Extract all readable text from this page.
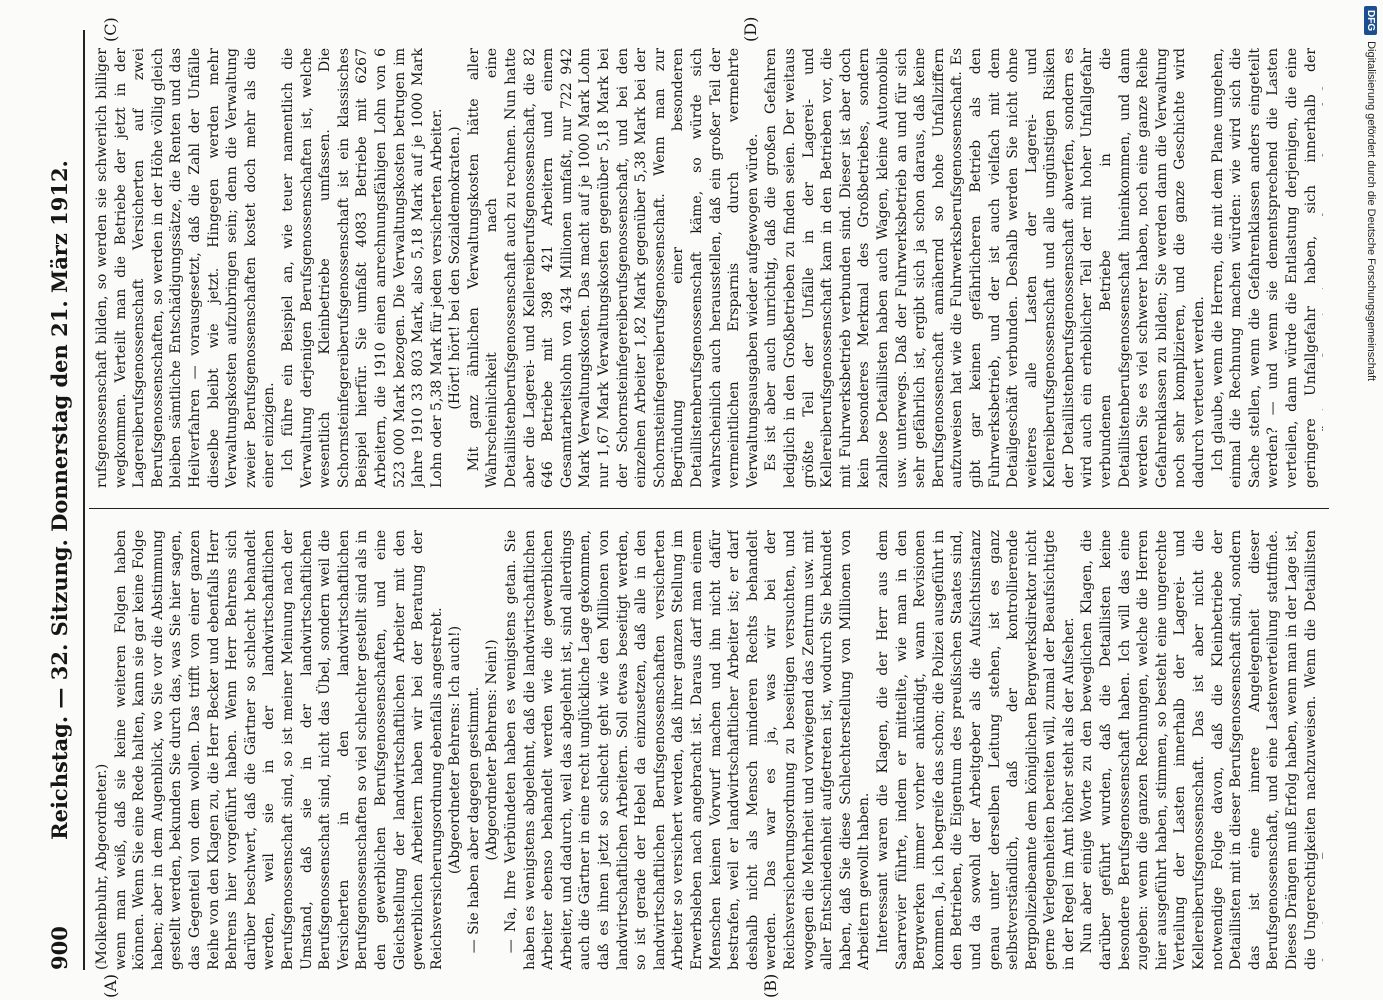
900
Reichstag. — 32. Sitzung. Donnerstag den 21. März 1912.
(A)	(B)
(C)	(D)

(Molkenbuhr, Abgeordneter.) wenn man weiß, daß sie keine weiteren Folgen haben können. Wenn Sie eine Rede halten, kann sie gar keine Folge haben; aber in dem Augenblick, wo Sie vor die Abstimmung gestellt werden, bekunden Sie durch das, was Sie hier sagen, das Gegenteil von dem wollen. Das trifft von einer ganzen Reihe von den Klagen zu, die Herr Becker und ebenfalls Herr Behrens hier vorgeführt haben. Wenn Herr Behrens sich darüber beschwert, daß die Gärtner so schlecht behandelt werden, weil sie in der landwirtschaftlichen Berufsgenossenschaft sind, so ist meiner Meinung nach der Umstand, daß sie in der landwirtschaftlichen Berufsgenossenschaft sind, nicht das Übel, sondern weil die Versicherten in den landwirtschaftlichen Berufsgenossenschaften so viel schlechter gestellt sind als in den gewerblichen Berufsgenossenschaften, und eine Gleichstellung der landwirtschaftlichen Arbeiter mit den gewerblichen Arbeitern haben wir bei der Beratung der Reichsversicherungsordnung ebenfalls angestrebt. (Abgeordneter Behrens: Ich auch!) — Sie haben aber dagegen gestimmt. (Abgeordneter Behrens: Nein!) — Na, Ihre Verbündeten haben es wenigstens getan. Sie haben es wenigstens abgelehnt, daß die landwirtschaftlichen Arbeiter ebenso behandelt werden wie die gewerblichen Arbeiter, und dadurch, weil das abgelehnt ist, sind allerdings auch die Gärtner in eine recht unglückliche Lage gekommen, daß es ihnen jetzt so schlecht geht wie den Millionen von landwirtschaftlichen Arbeitern. Soll etwas beseitigt werden, so ist gerade der Hebel da einzusetzen, daß alle in den landwirtschaftlichen Berufsgenossenschaften versicherten Arbeiter so versichert werden, daß ihrer ganzen Stellung im Erwerbsleben nach angebracht ist. Daraus darf man einem Menschen keinen Vorwurf machen und ihn nicht dafür bestrafen, weil er landwirtschaftlicher Arbeiter ist; er darf deshalb nicht als Mensch minderen Rechts behandelt werden. Das war es ja, was wir bei der Reichsversicherungsordnung zu beseitigen versuchten, und wogegen die Mehrheit und vorwiegend das Zentrum usw. mit aller Entschiedenheit aufgetreten ist, wodurch Sie bekundet haben, daß Sie diese Schlechterstellung von Millionen von Arbeitern gewollt haben. Interessant waren die Klagen, die der Herr aus dem Saarrevier führte, indem er mitteilte, wie man in den Bergwerken immer vorher ankündigt, wann Revisionen kommen. Ja, ich begreife das schon; die Polizei ausgeführt in den Betrieben, die Eigentum des preußischen Staates sind, und da sowohl der Arbeitgeber als die Aufsichtsinstanz genau unter derselben Leitung stehen, ist es ganz selbstverständlich, daß der kontrollierende Bergpolizeibeamte dem königlichen Bergwerksdirektor nicht gerne Verlegenheiten bereiten will, zumal der Beaufsichtigte in der Regel im Amt höher steht als der Aufseher. Nun aber einige Worte zu den beweglichen Klagen, die darüber geführt wurden, daß die Detaillisten keine besondere Berufsgenossenschaft haben. Ich will das eine zugeben: wenn die ganzen Rechnungen, welche die Herren hier ausgeführt haben, stimmen, so besteht eine ungerechte Verteilung der Lasten innerhalb der Lagerei- und Kellereiberufsgenossenschaft. Das ist aber nicht die notwendige Folge davon, daß die Kleinbetriebe der Detaillisten mit in dieser Berufsgenossenschaft sind, sondern das ist eine innere Angelegenheit dieser Berufsgenossenschaft, und eine Lastenverteilung stattfinde. Dieses Drängen muß Erfolg haben, wenn man in der Lage ist, die Ungerechtigkeiten nachzuweisen. Wenn die Detaillisten

rufsgenossenschaft bilden, so werden sie schwerlich billiger wegkommen. Verteilt man die Betriebe der jetzt in der Lagereiberufsgenossenschaft Versicherten auf zwei Berufsgenossenschaften, so werden in der Höhe völlig gleich bleiben sämtliche Entschädigungssätze, die Renten und das Heilverfahren — vorausgesetzt, daß die Zahl der Unfälle dieselbe bleibt wie jetzt. Hingegen werden mehr Verwaltungskosten aufzubringen sein; denn die Verwaltung zweier Berufsgenossenschaften kostet doch mehr als die einer einzigen. Ich führe ein Beispiel an, wie teuer namentlich die Verwaltung derjenigen Berufsgenossenschaften ist, welche wesentlich Kleinbetriebe umfassen. Die Schornsteinfegereiberufsgenossenschaft ist ein klassisches Beispiel hierfür. Sie umfaßt 4083 Betriebe mit 6267 Arbeitern, die 1910 einen anrechnungsfähigen Lohn von 6 523 000 Mark bezogen. Die Verwaltungskosten betrugen im Jahre 1910 33 803 Mark, also 5,18 Mark auf je 1000 Mark Lohn oder 5,38 Mark für jeden versicherten Arbeiter. (Hört! hört! bei den Sozialdemokraten.) Mit ganz ähnlichen Verwaltungskosten hätte aller Wahrscheinlichkeit nach eine Detaillistenberufsgenossenschaft auch zu rechnen. Nun hatte aber die Lagerei- und Kellereiberufsgenossenschaft, die 82 646 Betriebe mit 398 421 Arbeitern und einem Gesamtarbeitslohn von 434 Millionen umfaßt, nur 722 942 Mark Verwaltungskosten. Das macht auf je 1000 Mark Lohn nur 1,67 Mark Verwaltungskosten gegenüber 5,18 Mark bei der Schornsteinfegereiberufsgenossenschaft, und bei den einzelnen Arbeiter 1,82 Mark gegenüber 5,38 Mark bei der Schornsteinfegereiberufsgenossenschaft. Wenn man zur Begründung einer besonderen Detaillistenberufsgenossenschaft käme, so würde sich wahrscheinlich auch herausstellen, daß ein großer Teil der vermeintlichen Ersparnis durch vermehrte Verwaltungsausgaben wieder aufgewogen würde. Es ist aber auch unrichtig, daß die großen Gefahren lediglich in den Großbetrieben zu finden seien. Der weitaus größte Teil der Unfälle in der Lagerei- und Kellereiberufsgenossenschaft kam in den Betrieben vor, die mit Fuhrwerksbetrieb verbunden sind. Dieser ist aber doch kein besonderes Merkmal des Großbetriebes, sondern zahllose Detaillisten haben auch Wagen, kleine Automobile usw. unterwegs. Daß der Fuhrwerksbetrieb an und für sich sehr gefährlich ist, ergibt sich ja schon daraus, daß keine Berufsgenossenschaft annähernd so hohe Unfallziffern aufzuweisen hat wie die Fuhrwerksberufsgenossenschaft. Es gibt gar keinen gefährlicheren Betrieb als den Fuhrwerksbetrieb, und der ist auch vielfach mit dem Detailgeschäft verbunden. Deshalb werden Sie nicht ohne weiteres alle Lasten der Lagerei- und Kellereiberufsgenossenschaft und alle ungünstigen Risiken der Detaillistenberufsgenossenschaft abwerfen, sondern es wird auch ein erheblicher Teil der mit hoher Unfallgefahr verbundenen Betriebe in die Detaillistenberufsgenossenschaft hineinkommen, und dann werden Sie es viel schwerer haben, noch eine ganze Reihe Gefahrenklassen zu bilden; Sie werden dann die Verwaltung noch sehr komplizieren, und die ganze Geschichte wird dadurch verteuert werden. Ich glaube, wenn die Herren, die mit dem Plane umgehen, einmal die Rechnung machen würden: wie wird sich die Sache stellen, wenn die Gefahrenklassen anders eingeteilt werden? — und wenn sie dementsprechend die Lasten verteilen, dann würde die Entlastung derjenigen, die eine geringere Unfallgefahr haben, sich innerhalb der

DFG
Digitalisierung gefördert durch die Deutsche Forschungsgemeinschaft
